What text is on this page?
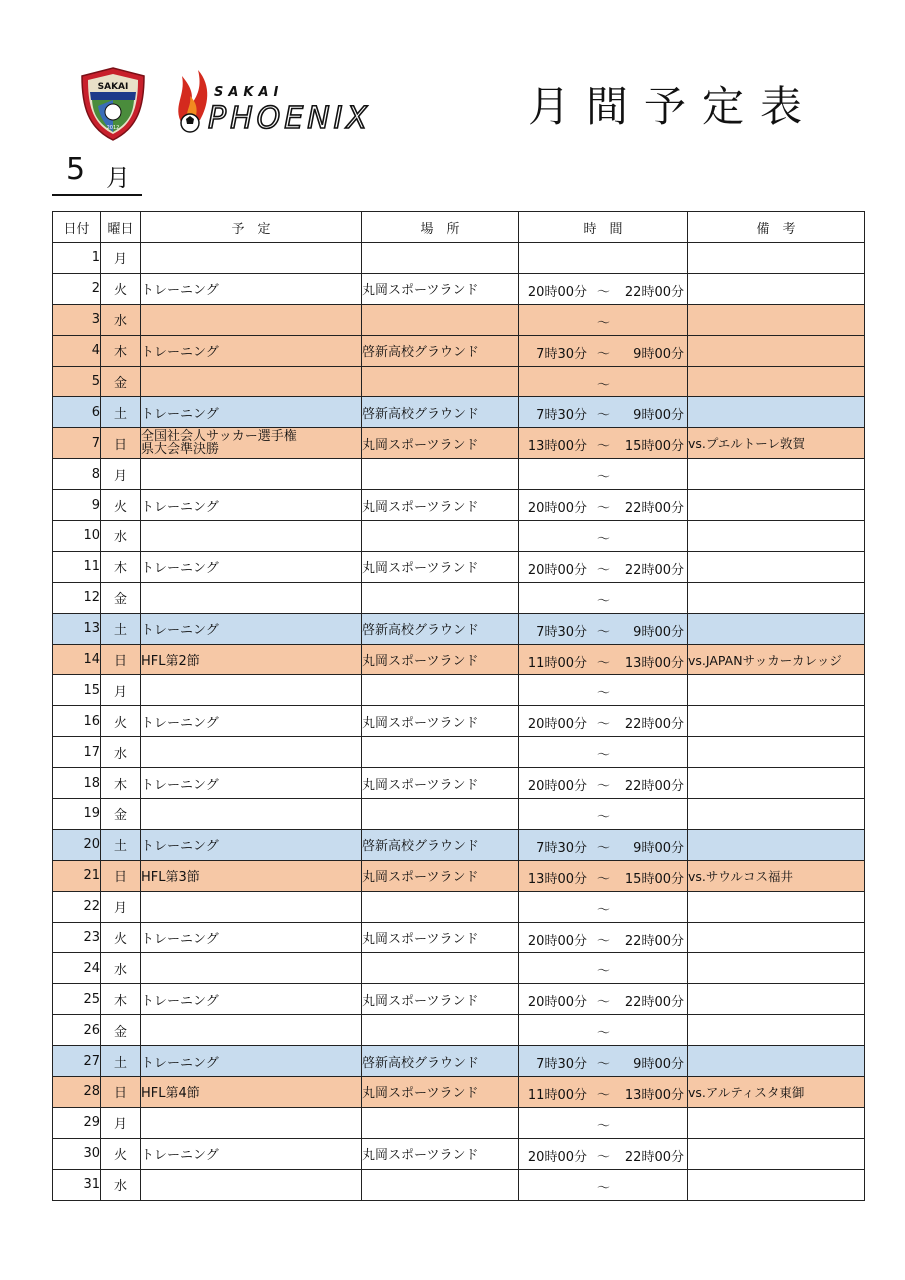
SAKAI
2012
SAKAI
PHOENIX	月間予定表
5 月
日付	曜日	予　定	場　所	時　間	備　考
1	月			

2	火	トレーニング	丸岡スポーツランド	20時00分 ～ 22時00分	

3	水			～	

4	木	トレーニング	啓新高校グラウンド	7時30分 ～ 9時00分	

5	金			～	

6	土	トレーニング	啓新高校グラウンド	7時30分 ～ 9時00分	

7	日	全国社会人サッカー選手権
県大会準決勝	丸岡スポーツランド	13時00分 ～ 15時00分	vs.プエルトーレ敦賀
8	月			～	

9	火	トレーニング	丸岡スポーツランド	20時00分 ～ 22時00分	

10	水			～	

11	木	トレーニング	丸岡スポーツランド	20時00分 ～ 22時00分	

12	金			～	

13	土	トレーニング	啓新高校グラウンド	7時30分 ～ 9時00分	

14	日	HFL第2節	丸岡スポーツランド	11時00分 ～ 13時00分	vs.JAPANサッカーカレッジ
15	月			～	

16	火	トレーニング	丸岡スポーツランド	20時00分 ～ 22時00分	

17	水			～	

18	木	トレーニング	丸岡スポーツランド	20時00分 ～ 22時00分	

19	金			～	

20	土	トレーニング	啓新高校グラウンド	7時30分 ～ 9時00分	

21	日	HFL第3節	丸岡スポーツランド	13時00分 ～ 15時00分	vs.サウルコス福井
22	月			～	

23	火	トレーニング	丸岡スポーツランド	20時00分 ～ 22時00分	

24	水			～	

25	木	トレーニング	丸岡スポーツランド	20時00分 ～ 22時00分	

26	金			～	

27	土	トレーニング	啓新高校グラウンド	7時30分 ～ 9時00分	

28	日	HFL第4節	丸岡スポーツランド	11時00分 ～ 13時00分	vs.アルティスタ東御
29	月			～	

30	火	トレーニング	丸岡スポーツランド	20時00分 ～ 22時00分	

31	水			～	
